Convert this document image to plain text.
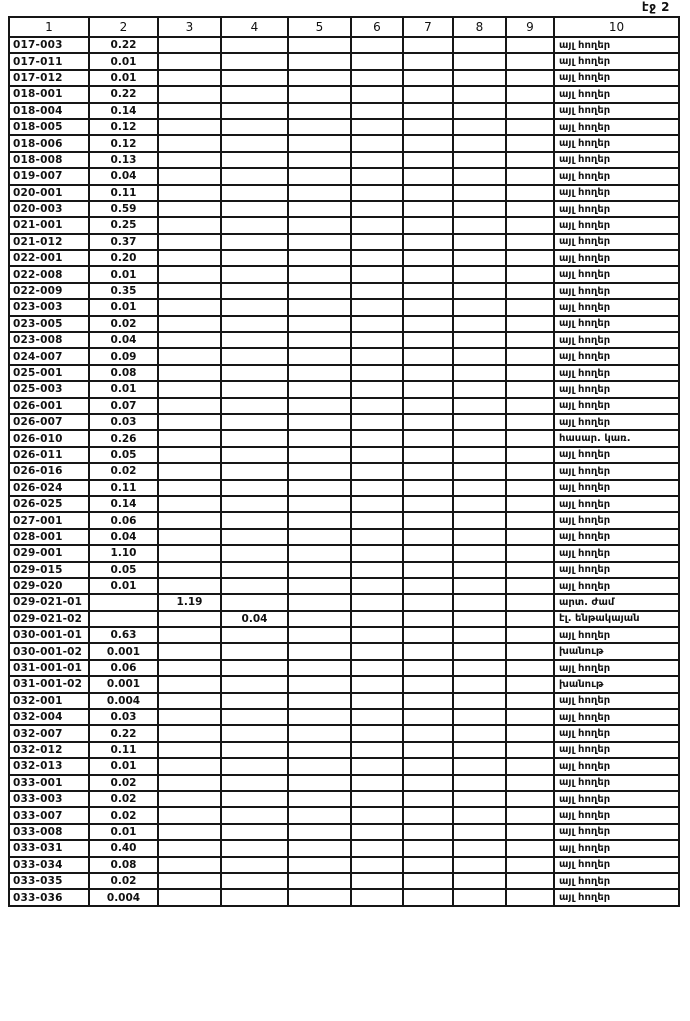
էջ 2
1	2	3	4	5	6	7	8	9	10
017-003	0.22								այլ հողեր
017-011	0.01								այլ հողեր
017-012	0.01								այլ հողեր
018-001	0.22								այլ հողեր
018-004	0.14								այլ հողեր
018-005	0.12								այլ հողեր
018-006	0.12								այլ հողեր
018-008	0.13								այլ հողեր
019-007	0.04								այլ հողեր
020-001	0.11								այլ հողեր
020-003	0.59								այլ հողեր
021-001	0.25								այլ հողեր
021-012	0.37								այլ հողեր
022-001	0.20								այլ հողեր
022-008	0.01								այլ հողեր
022-009	0.35								այլ հողեր
023-003	0.01								այլ հողեր
023-005	0.02								այլ հողեր
023-008	0.04								այլ հողեր
024-007	0.09								այլ հողեր
025-001	0.08								այլ հողեր
025-003	0.01								այլ հողեր
026-001	0.07								այլ հողեր
026-007	0.03								այլ հողեր
026-010	0.26								հասար. կառ.
026-011	0.05								այլ հողեր
026-016	0.02								այլ հողեր
026-024	0.11								այլ հողեր
026-025	0.14								այլ հողեր
027-001	0.06								այլ հողեր
028-001	0.04								այլ հողեր
029-001	1.10								այլ հողեր
029-015	0.05								այլ հողեր
029-020	0.01								այլ հողեր
029-021-01		1.19							արտ. ժամ
029-021-02			0.04						էլ. ենթակայան
030-001-01	0.63								այլ հողեր
030-001-02	0.001								խանութ
031-001-01	0.06								այլ հողեր
031-001-02	0.001								խանութ
032-001	0.004								այլ հողեր
032-004	0.03								այլ հողեր
032-007	0.22								այլ հողեր
032-012	0.11								այլ հողեր
032-013	0.01								այլ հողեր
033-001	0.02								այլ հողեր
033-003	0.02								այլ հողեր
033-007	0.02								այլ հողեր
033-008	0.01								այլ հողեր
033-031	0.40								այլ հողեր
033-034	0.08								այլ հողեր
033-035	0.02								այլ հողեր
033-036	0.004								այլ հողեր
